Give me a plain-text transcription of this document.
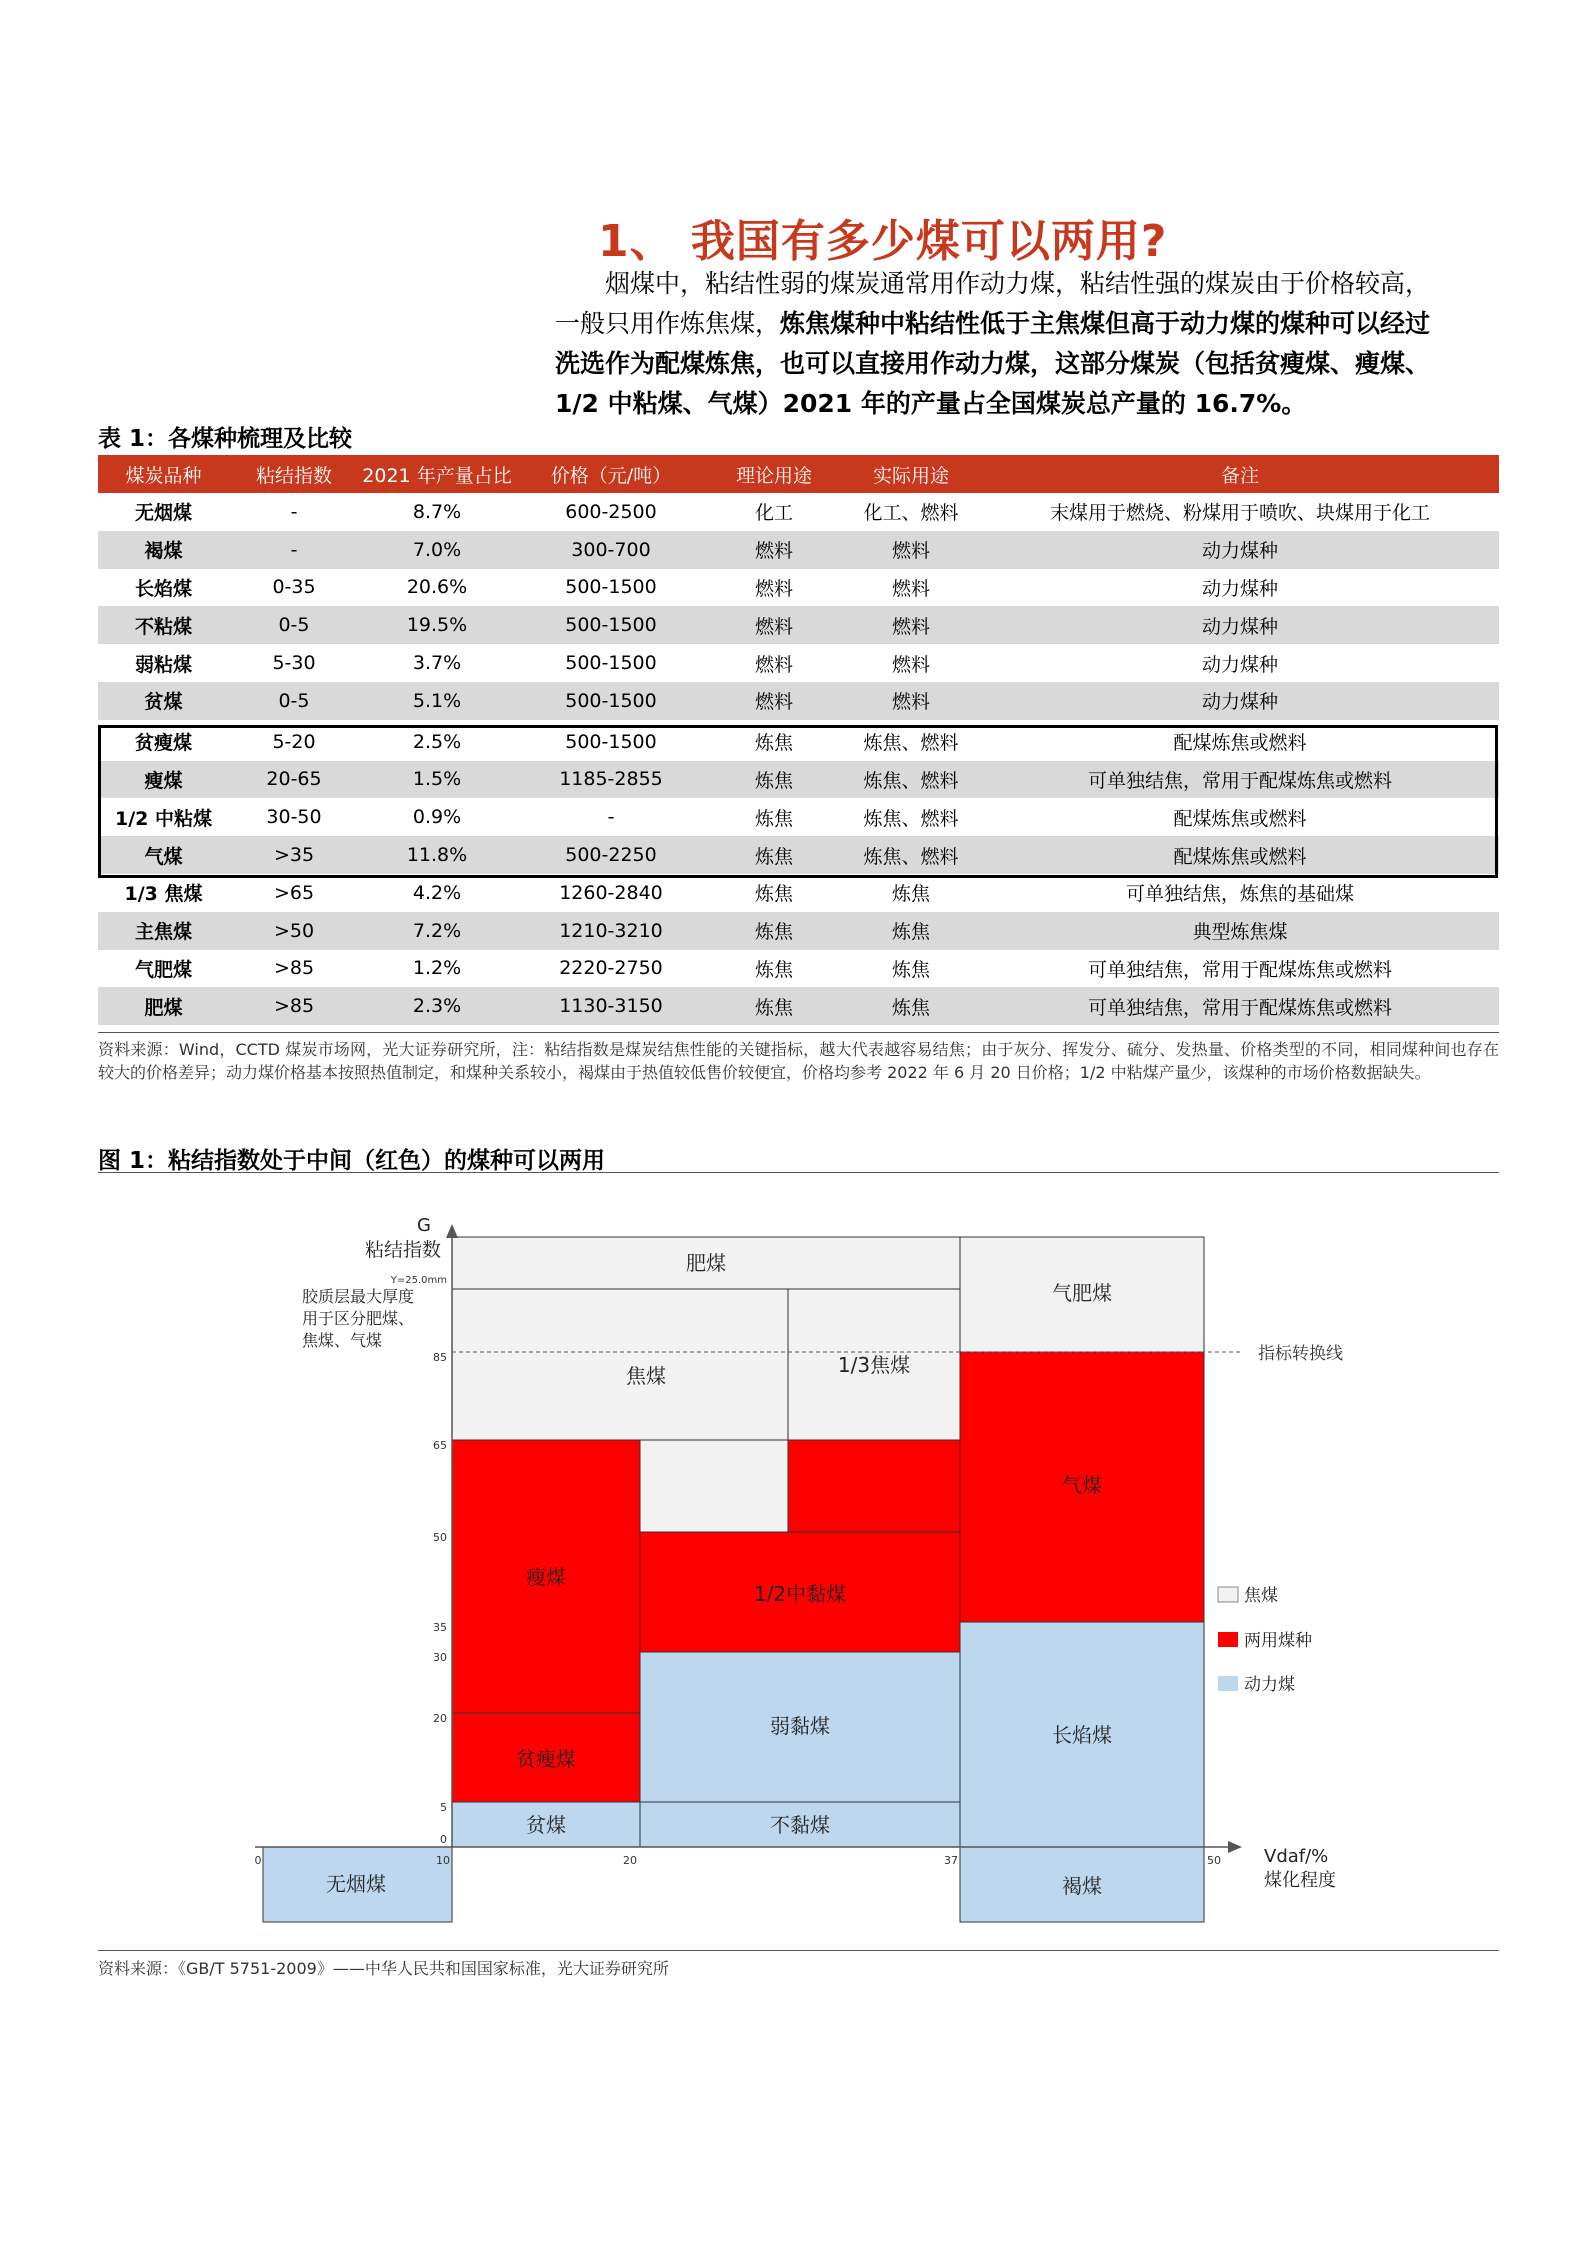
1、 我国有多少煤可以两用?

烟煤中，粘结性弱的煤炭通常用作动力煤，粘结性强的煤炭由于价格较高，

一般只用作炼焦煤，炼焦煤种中粘结性低于主焦煤但高于动力煤的煤种可以经过

洗选作为配煤炼焦，也可以直接用作动力煤，这部分煤炭（包括贫瘦煤、瘦煤、

1/2 中粘煤、气煤）2021 年的产量占全国煤炭总产量的 16.7%。

表 1：各煤种梳理及比较

煤炭品种	粘结指数	2021 年产量占比	价格（元/吨）	理论用途	实际用途	备注
无烟煤	-	8.7%	600-2500	化工	化工、燃料	末煤用于燃烧、粉煤用于喷吹、块煤用于化工
褐煤	-	7.0%	300-700	燃料	燃料	动力煤种
长焰煤	0-35	20.6%	500-1500	燃料	燃料	动力煤种
不粘煤	0-5	19.5%	500-1500	燃料	燃料	动力煤种
弱粘煤	5-30	3.7%	500-1500	燃料	燃料	动力煤种
贫煤	0-5	5.1%	500-1500	燃料	燃料	动力煤种

贫瘦煤	5-20	2.5%	500-1500	炼焦	炼焦、燃料	配煤炼焦或燃料
瘦煤	20-65	1.5%	1185-2855	炼焦	炼焦、燃料	可单独结焦，常用于配煤炼焦或燃料
1/2 中粘煤	30-50	0.9%	-	炼焦	炼焦、燃料	配煤炼焦或燃料
气煤	>35	11.8%	500-2250	炼焦	炼焦、燃料	配煤炼焦或燃料
1/3 焦煤	>65	4.2%	1260-2840	炼焦	炼焦	可单独结焦，炼焦的基础煤
主焦煤	>50	7.2%	1210-3210	炼焦	炼焦	典型炼焦煤
气肥煤	>85	1.2%	2220-2750	炼焦	炼焦	可单独结焦，常用于配煤炼焦或燃料
肥煤	>85	2.3%	1130-3150	炼焦	炼焦	可单独结焦，常用于配煤炼焦或燃料

资料来源：Wind，CCTD 煤炭市场网，光大证券研究所，注：粘结指数是煤炭结焦性能的关键指标，越大代表越容易结焦；由于灰分、挥发分、硫分、发热量、价格类型的不同，相同煤种间也存在较大的价格差异；动力煤价格基本按照热值制定，和煤种关系较小，褐煤由于热值较低售价较便宜，价格均参考 2022 年 6 月 20 日价格；1/2 中粘煤产量少，该煤种的市场价格数据缺失。

图 1：粘结指数处于中间（红色）的煤种可以两用

指标转换线
G
粘结指数
Y=25.0mm
胶质层最大厚度
用于区分肥煤、
焦煤、气煤
85
65
50
35
30
20
5
0
0	10	20	37	50 Vdaf/%
煤化程度
肥煤
气肥煤
焦煤	1/3焦煤
气煤
瘦煤
1/2中黏煤
贫瘦煤
弱黏煤	长焰煤
贫煤	不黏煤
无烟煤	褐煤
焦煤
两用煤种
动力煤

资料来源：《GB/T 5751-2009》——中华人民共和国国家标准，光大证券研究所
